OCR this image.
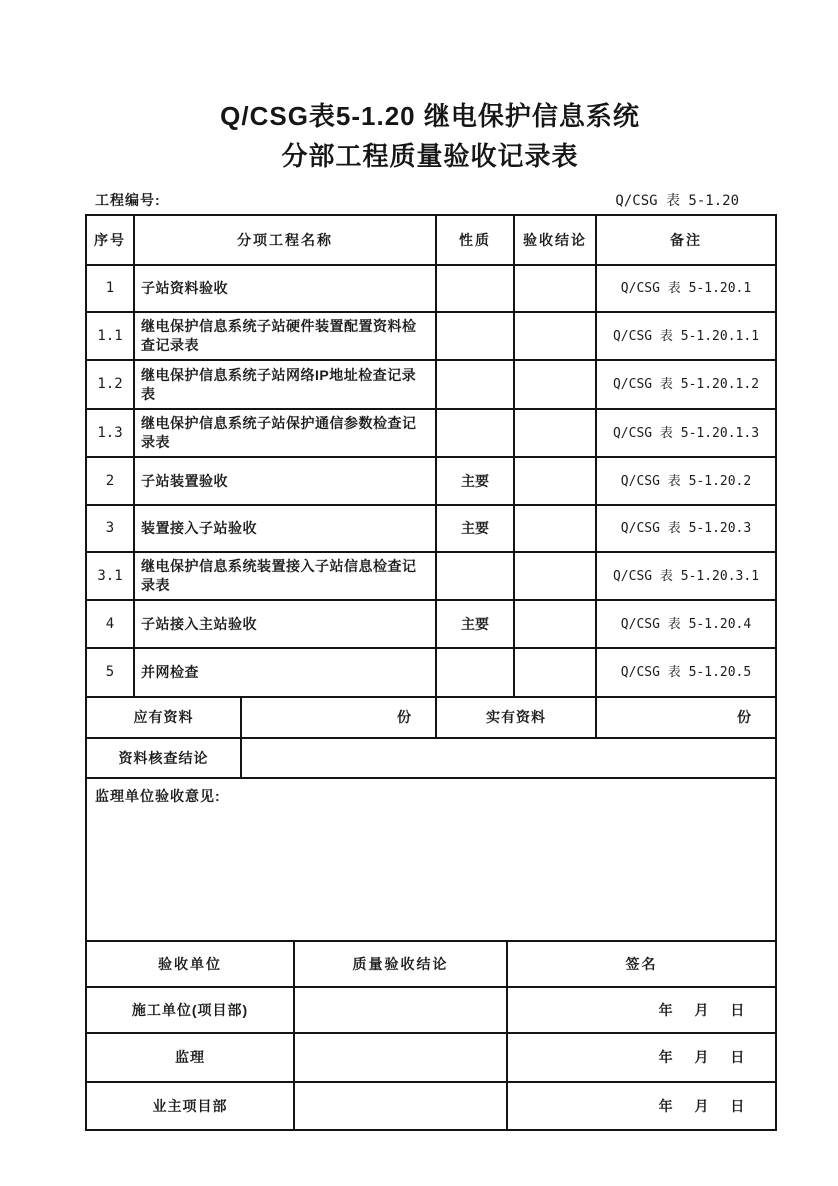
Q/CSG表5-1.20 继电保护信息系统
分部工程质量验收记录表
工程编号:	Q/CSG 表 5-1.20
序号	分项工程名称		性质	验收结论	备注
1	子站资料验收				Q/CSG 表 5-1.20.1
1.1	继电保护信息系统子站硬件装置配置资料检查记录表				Q/CSG 表 5-1.20.1.1
1.2	继电保护信息系统子站网络IP地址检查记录表				Q/CSG 表 5-1.20.1.2
1.3	继电保护信息系统子站保护通信参数检查记录表				Q/CSG 表 5-1.20.1.3
2	子站装置验收		主要		Q/CSG 表 5-1.20.2
3	装置接入子站验收		主要		Q/CSG 表 5-1.20.3
3.1	继电保护信息系统装置接入子站信息检查记录表				Q/CSG 表 5-1.20.3.1
4	子站接入主站验收		主要		Q/CSG 表 5-1.20.4
5	并网检查				Q/CSG 表 5-1.20.5
应有资料		份	实有资料		份
资料核查结论					
监理单位验收意见:					
验收单位	质量验收结论	签名
施工单位(项目部)		年 月 日
监理		年 月 日
业主项目部		年 月 日
